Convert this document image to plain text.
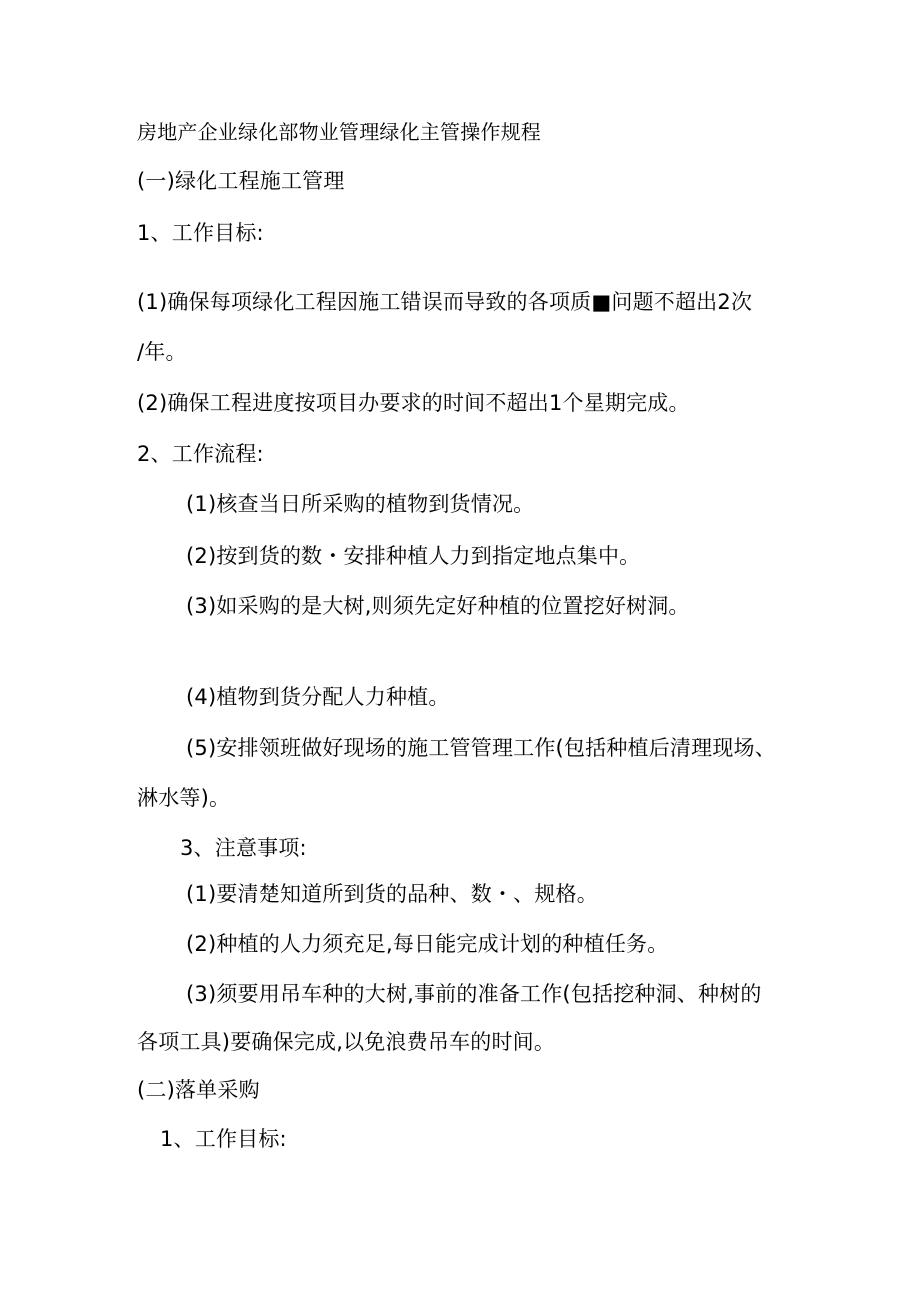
房地产企业绿化部物业管理绿化主管操作规程
(一)绿化工程施工管理
1、工作目标:
(1)确保每项绿化工程因施工错误而导致的各项质■问题不超出2次
/年。
(2)确保工程进度按项目办要求的时间不超出1个星期完成。
2、工作流程:
(1)核查当日所采购的植物到货情况。
(2)按到货的数・安排种植人力到指定地点集中。
(3)如采购的是大树,则须先定好种植的位置挖好树洞。
(4)植物到货分配人力种植。
(5)安排领班做好现场的施工管管理工作(包括种植后清理现场、
淋水等)。
3、注意事项:
(1)要清楚知道所到货的品种、数・、规格。
(2)种植的人力须充足,每日能完成计划的种植任务。
(3)须要用吊车种的大树,事前的准备工作(包括挖种洞、种树的
各项工具)要确保完成,以免浪费吊车的时间。
(二)落单采购
1、工作目标:
